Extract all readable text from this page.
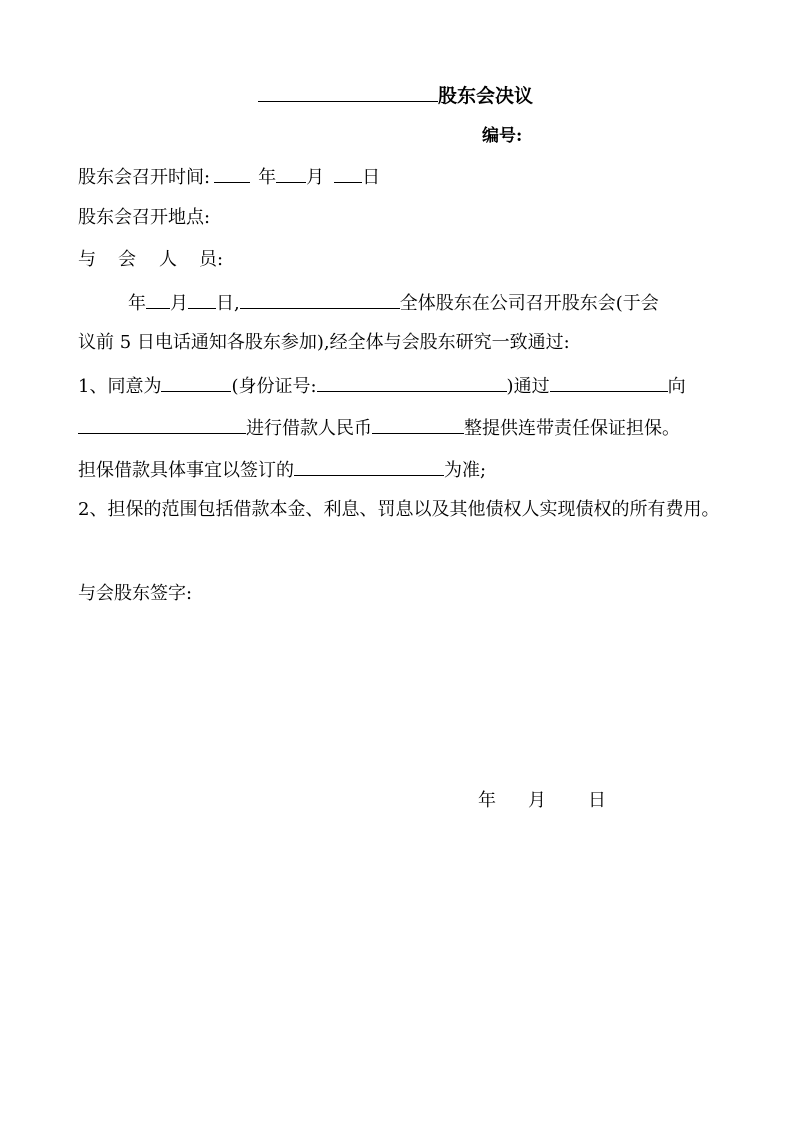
股东会决议
编号:
股东会召开时间:	年 月 日
股东会召开地点:
与 会 人 员:
年 月 日,	全体股东在公司召开股东会(于会
议前 5 日电话通知各股东参加),经全体与会股东研究一致通过:
1、同意为	(身份证号:	)通过	向
进行借款人民币	整提供连带责任保证担保。
担保借款具体事宜以签订的	为准;
2、担保的范围包括借款本金、利息、罚息以及其他债权人实现债权的所有费用。
与会股东签字:
年 月 日
